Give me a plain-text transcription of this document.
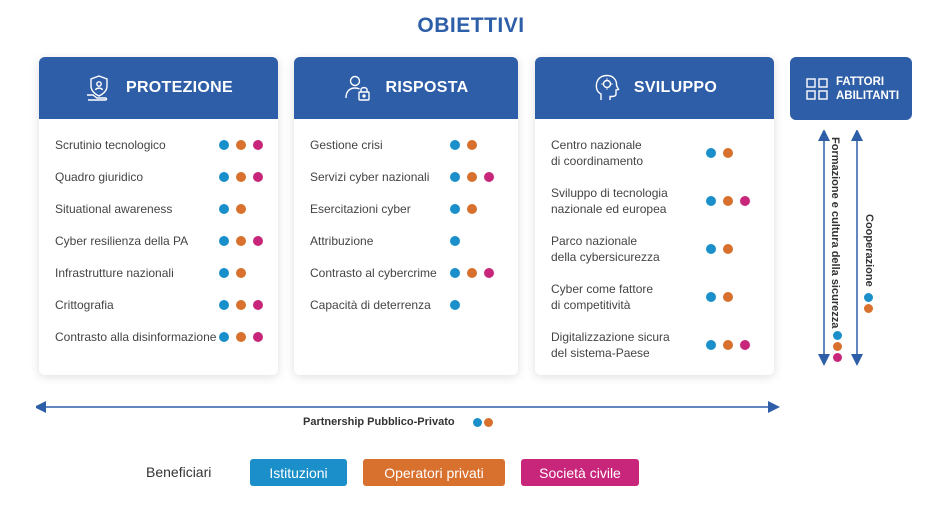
OBIETTIVI
PROTEZIONE
Scrutinio tecnologico
Quadro giuridico
Situational awareness
Cyber resilienza della PA
Infrastrutture nazionali
Crittografia
Contrasto alla disinformazione
RISPOSTA
Gestione crisi
Servizi cyber nazionali
Esercitazioni cyber
Attribuzione
Contrasto al cybercrime
Capacità di deterrenza
SVILUPPO
Centro nazionale
di coordinamento
Sviluppo di tecnologia
nazionale ed europea
Parco nazionale
della cybersicurezza
Cyber come fattore
di competitività
Digitalizzazione sicura
del sistema-Paese
FATTORI
ABILITANTI
Formazione e cultura della sicurezza Cooperazione
Partnership Pubblico-Privato
Beneficiari	Istituzioni	Operatori privati	Società civile
